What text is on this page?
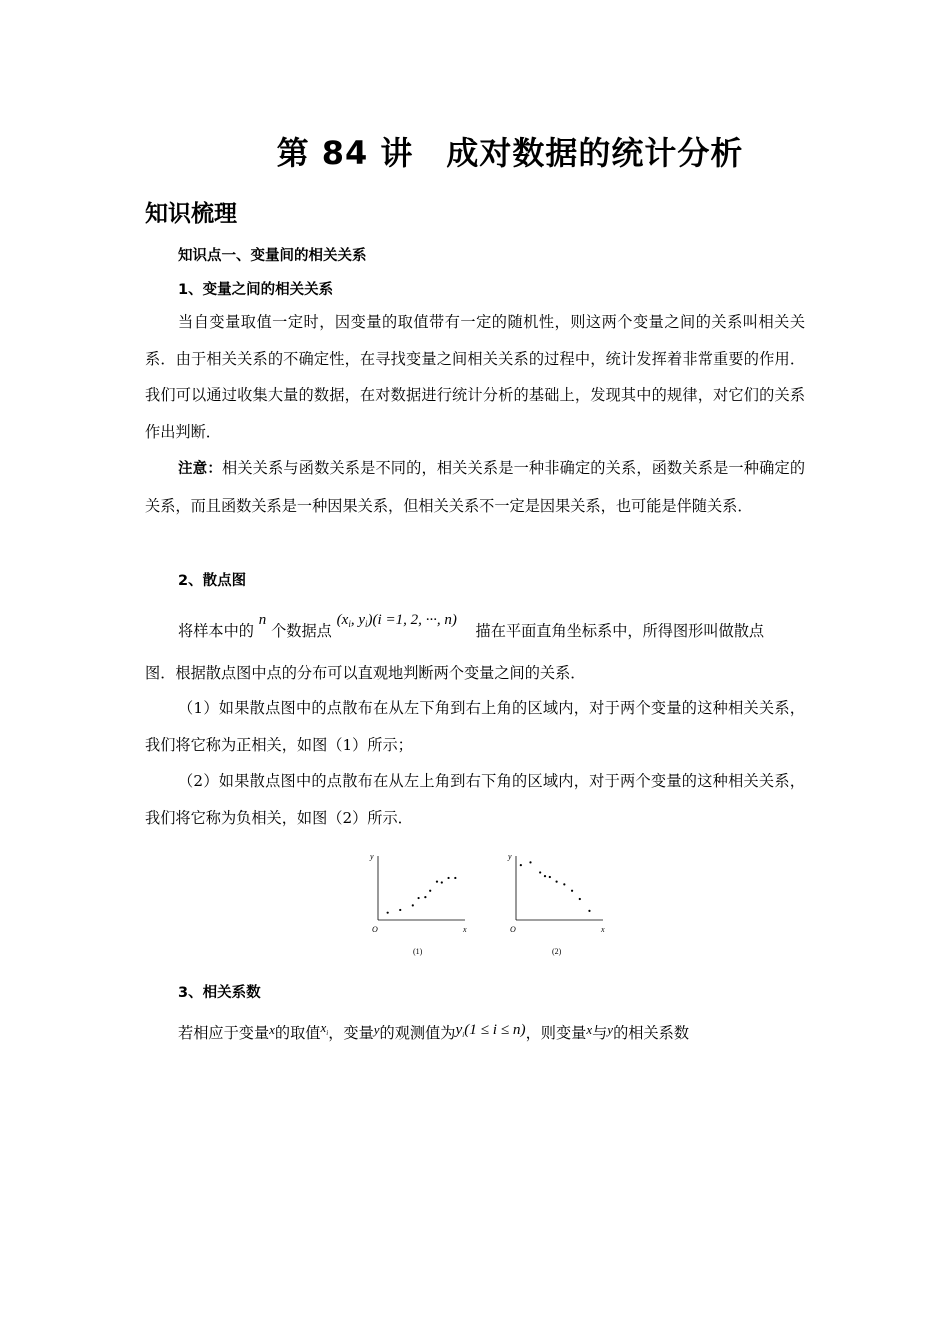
第 84 讲　成对数据的统计分析
知识梳理
知识点一、变量间的相关关系
1、变量之间的相关关系

当自变量取值一定时，因变量的取值带有一定的随机性，则这两个变量之间的关系叫相关关系．由于相关关系的不确定性，在寻找变量之间相关关系的过程中，统计发挥着非常重要的作用．我们可以通过收集大量的数据，在对数据进行统计分析的基础上，发现其中的规律，对它们的关系作出判断．

注意：相关关系与函数关系是不同的，相关关系是一种非确定的关系，函数关系是一种确定的关系，而且函数关系是一种因果关系，但相关关系不一定是因果关系，也可能是伴随关系．

2、散点图
将样本中的 n 个数据点 ($x_i$, $y_i)(i =1$, 2, ···, n) 描在平面直角坐标系中，所得图形叫做散点
图．根据散点图中点的分布可以直观地判断两个变量之间的关系．

（1）如果散点图中的点散布在从左下角到右上角的区域内，对于两个变量的这种相关关系，我们将它称为正相关，如图（1）所示；

（2）如果散点图中的点散布在从左上角到右下角的区域内，对于两个变量的这种相关关系，我们将它称为负相关，如图（2）所示．

y
x
O
(1)
y
x
O
(2)
3、相关系数
若相应于变量x的取值$x_i$，变量y的观测值为$y_i(1 \le i \le n)$，则变量x与y的相关系数
